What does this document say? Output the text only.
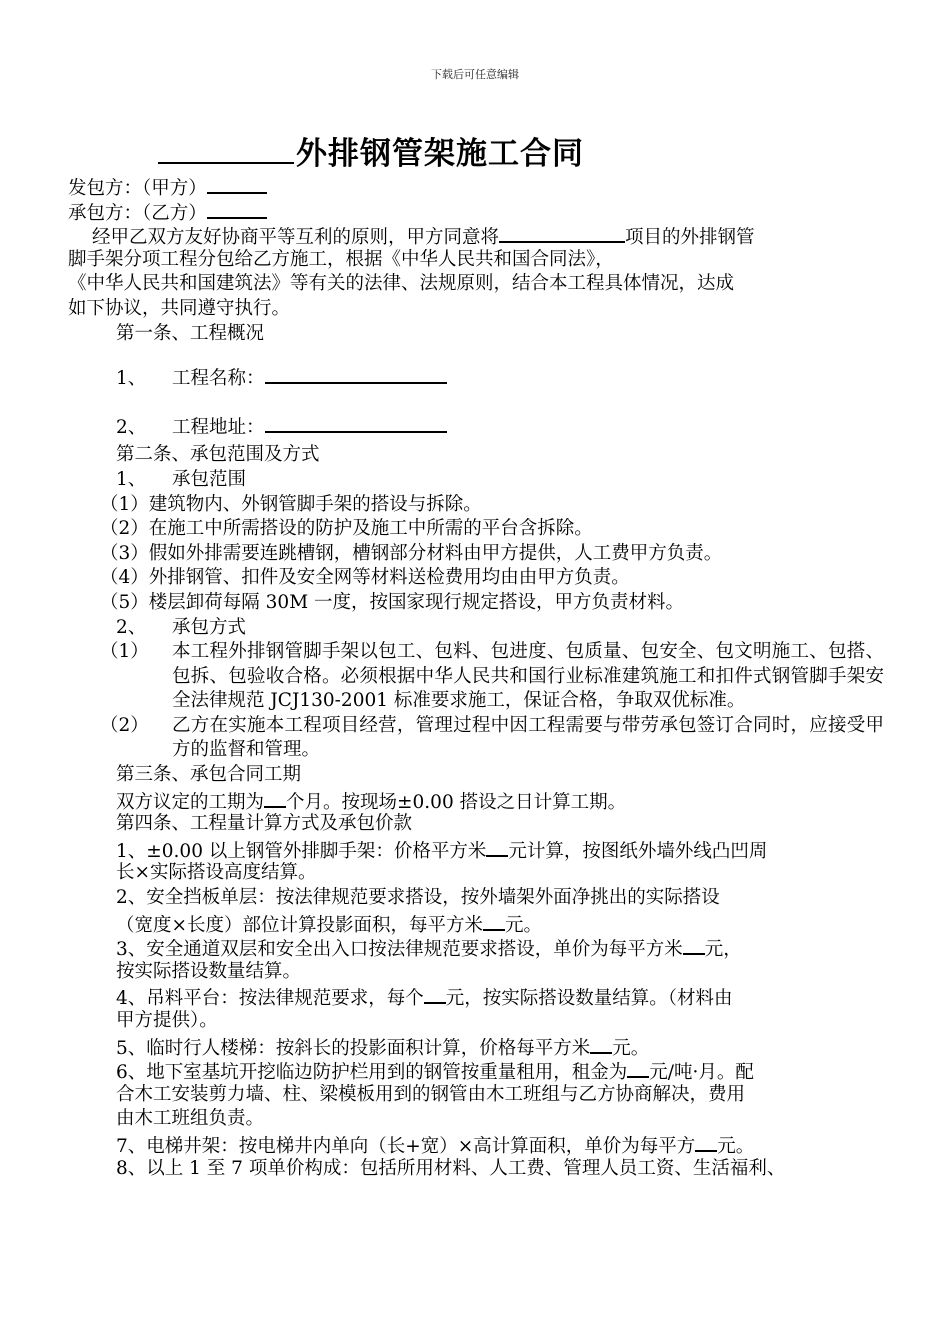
下载后可任意编辑
外排钢管架施工合同
发包方：（甲方）
承包方：（乙方）
经甲乙双方友好协商平等互利的原则，甲方同意将	项目的外排钢管
脚手架分项工程分包给乙方施工，根据《中华人民共和国合同法》，
《中华人民共和国建筑法》等有关的法律、法规原则，结合本工程具体情况，达成
如下协议，共同遵守执行。
第一条、工程概况
1、 工程名称：
2、 工程地址：
第二条、承包范围及方式
1、 承包范围
（1）建筑物内、外钢管脚手架的搭设与拆除。
（2）在施工中所需搭设的防护及施工中所需的平台含拆除。
（3）假如外排需要连跳槽钢，槽钢部分材料由甲方提供，人工费甲方负责。
（4）外排钢管、扣件及安全网等材料送检费用均由由甲方负责。
（5）楼层卸荷每隔 30M 一度，按国家现行规定搭设，甲方负责材料。
2、 承包方式
（1）	本工程外排钢管脚手架以包工、包料、包进度、包质量、包安全、包文明施工、包搭、包拆、包验收合格。必须根据中华人民共和国行业标准建筑施工和扣件式钢管脚手架安全法律规范 JCJ130-2001 标准要求施工，保证合格，争取双优标准。
（2）	乙方在实施本工程项目经营，管理过程中因工程需要与带劳承包签订合同时，应接受甲方的监督和管理。
第三条、承包合同工期
双方议定的工期为 个月。按现场±0.00 搭设之日计算工期。
第四条、工程量计算方式及承包价款
1、±0.00 以上钢管外排脚手架：价格平方米 元计算，按图纸外墙外线凸凹周
长×实际搭设高度结算。
2、安全挡板单层：按法律规范要求搭设，按外墙架外面净挑出的实际搭设
（宽度×长度）部位计算投影面积，每平方米 元。
3、安全通道双层和安全出入口按法律规范要求搭设，单价为每平方米 元，
按实际搭设数量结算。
4、吊料平台：按法律规范要求，每个 元，按实际搭设数量结算。（材料由
甲方提供）。
5、临时行人楼梯：按斜长的投影面积计算，价格每平方米 元。
6、地下室基坑开挖临边防护栏用到的钢管按重量租用，租金为 元/吨·月。配
合木工安装剪力墙、柱、梁模板用到的钢管由木工班组与乙方协商解决，费用
由木工班组负责。
7、电梯井架：按电梯井内单向（长+宽）×高计算面积，单价为每平方 元。
8、以上 1 至 7 项单价构成：包括所用材料、人工费、管理人员工资、生活福利、
